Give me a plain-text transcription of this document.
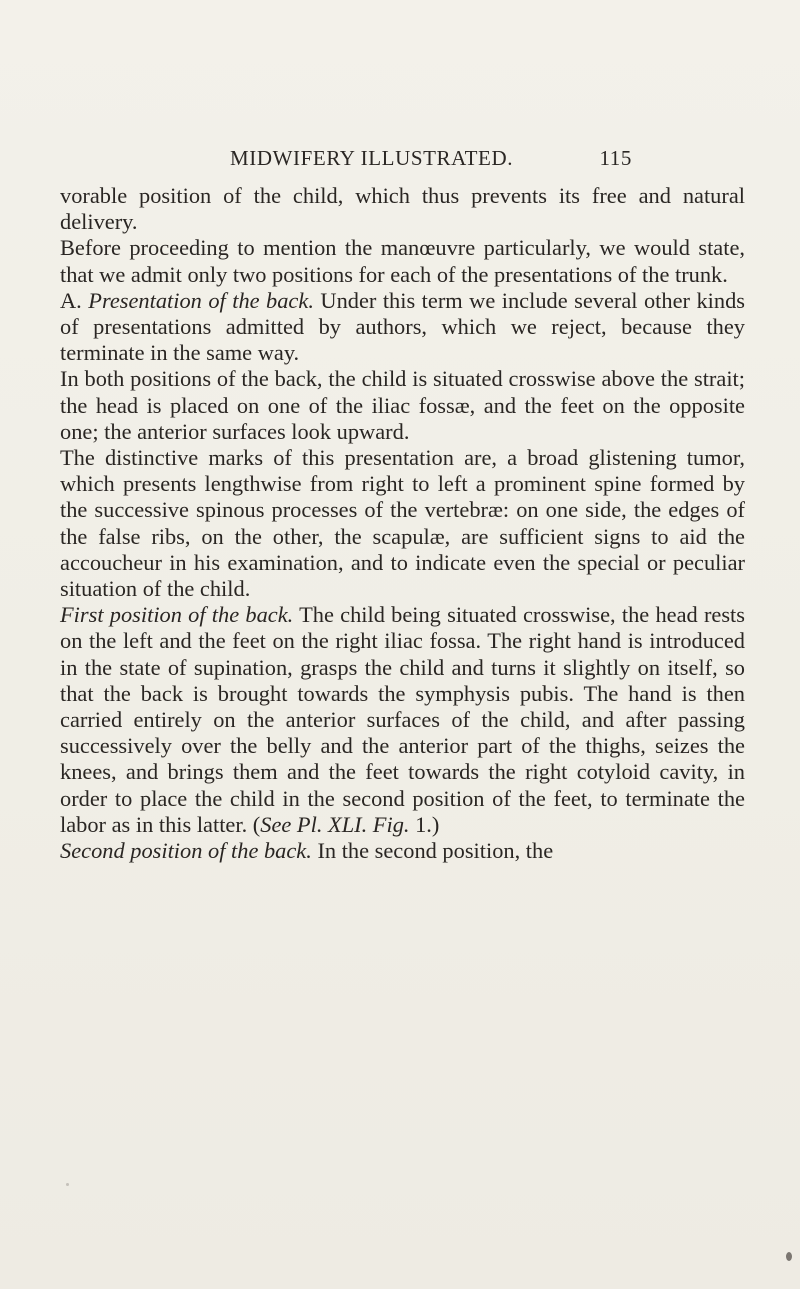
MIDWIFERY ILLUSTRATED.	115

vorable position of the child, which thus prevents its free and natural delivery.

Before proceeding to mention the manœuvre particularly, we would state, that we admit only two positions for each of the presentations of the trunk.

A. Presentation of the back. Under this term we include several other kinds of presentations admitted by authors, which we reject, because they terminate in the same way.

In both positions of the back, the child is situated crosswise above the strait; the head is placed on one of the iliac fossæ, and the feet on the opposite one; the anterior surfaces look upward.

The distinctive marks of this presentation are, a broad glistening tumor, which presents lengthwise from right to left a prominent spine formed by the successive spinous processes of the vertebræ: on one side, the edges of the false ribs, on the other, the scapulæ, are sufficient signs to aid the accoucheur in his examination, and to indicate even the special or peculiar situation of the child.

First position of the back. The child being situated crosswise, the head rests on the left and the feet on the right iliac fossa. The right hand is introduced in the state of supination, grasps the child and turns it slightly on itself, so that the back is brought towards the symphysis pubis. The hand is then carried entirely on the anterior surfaces of the child, and after passing successively over the belly and the anterior part of the thighs, seizes the knees, and brings them and the feet towards the right cotyloid cavity, in order to place the child in the second position of the feet, to terminate the labor as in this latter. (See Pl. XLI. Fig. 1.)

Second position of the back. In the second position, the
